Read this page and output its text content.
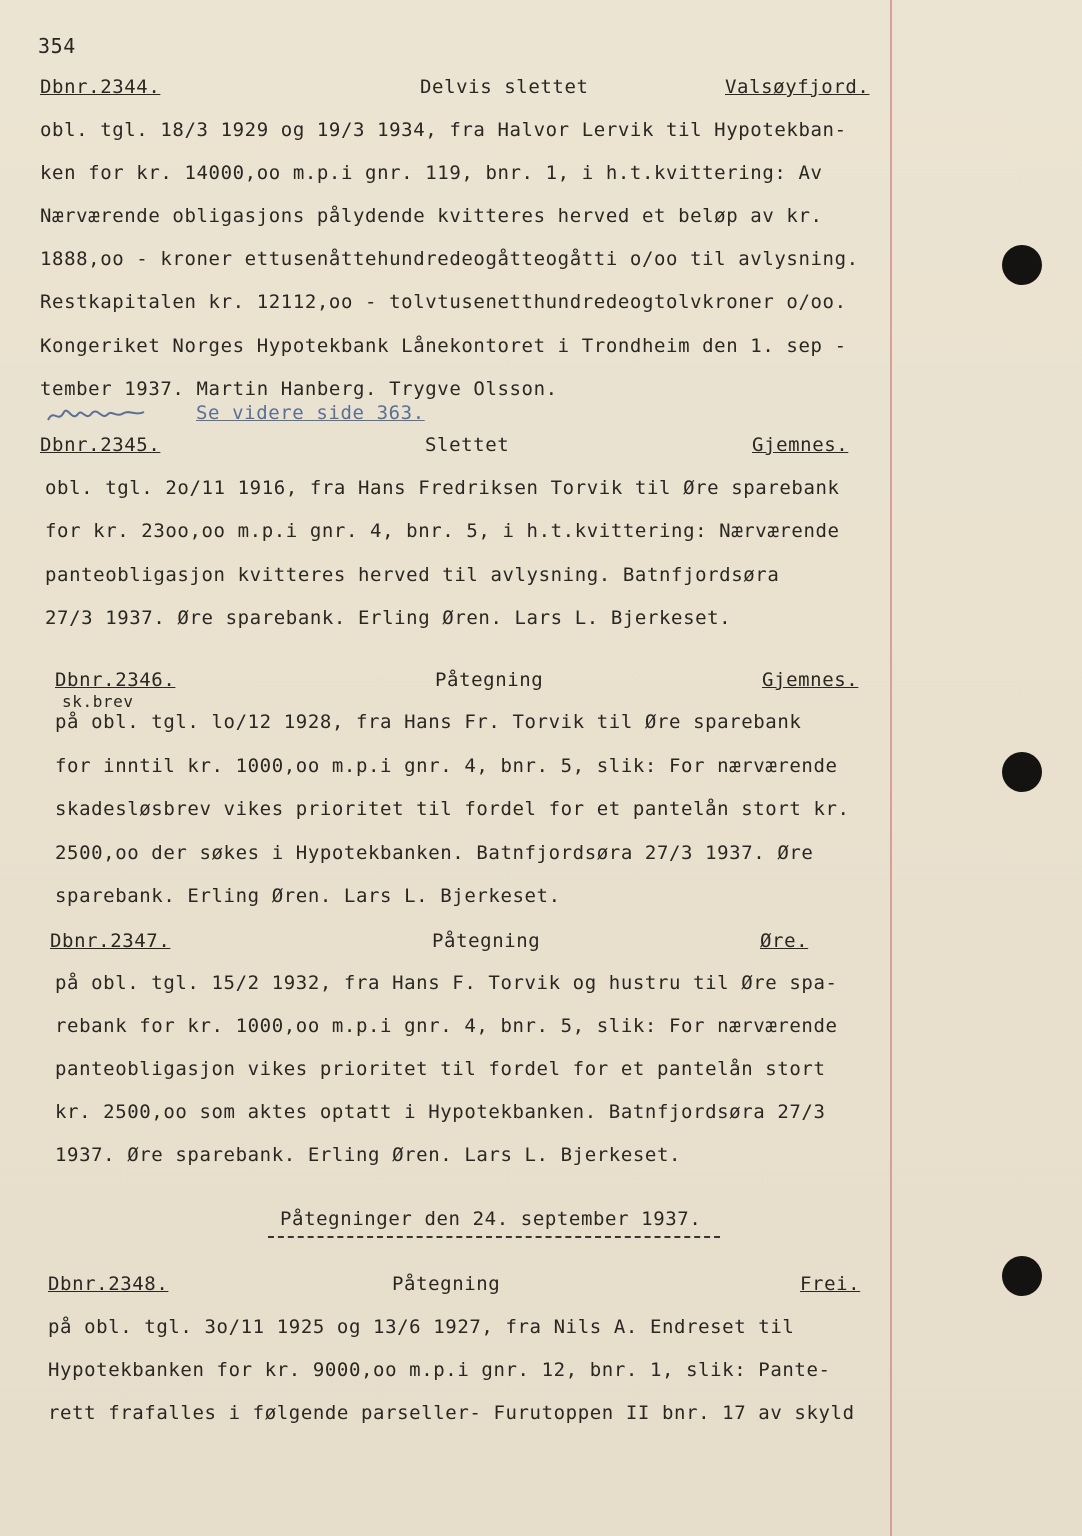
354
Dbnr.2344.	Delvis slettet	Valsøyfjord.
obl. tgl. 18/3 1929 og 19/3 1934, fra Halvor Lervik til Hypotekban-
ken for kr. 14000,oo m.p.i gnr. 119, bnr. 1, i h.t.kvittering: Av
Nærværende obligasjons pålydende kvitteres herved et beløp av kr.
1888,oo - kroner ettusenåttehundredeogåtteogåtti o/oo til avlysning.
Restkapitalen kr. 12112,oo - tolvtusenetthundredeogtolvkroner o/oo.
Kongeriket Norges Hypotekbank Lånekontoret i Trondheim den 1. sep -
tember 1937. Martin Hanberg. Trygve Olsson.
Se videre side 363.
Dbnr.2345.	Slettet	Gjemnes.
obl. tgl. 2o/11 1916, fra Hans Fredriksen Torvik til Øre sparebank
for kr. 23oo,oo m.p.i gnr. 4, bnr. 5, i h.t.kvittering: Nærværende
panteobligasjon kvitteres herved til avlysning. Batnfjordsøra
27/3 1937. Øre sparebank. Erling Øren. Lars L. Bjerkeset.
Dbnr.2346.	Påtegning	Gjemnes.
sk.brev
på obl. tgl. lo/12 1928, fra Hans Fr. Torvik til Øre sparebank
for inntil kr. 1000,oo m.p.i gnr. 4, bnr. 5, slik: For nærværende
skadesløsbrev vikes prioritet til fordel for et pantelån stort kr.
2500,oo der søkes i Hypotekbanken. Batnfjordsøra 27/3 1937. Øre
sparebank. Erling Øren. Lars L. Bjerkeset.
Dbnr.2347.	Påtegning	Øre.
på obl. tgl. 15/2 1932, fra Hans F. Torvik og hustru til Øre spa-
rebank for kr. 1000,oo m.p.i gnr. 4, bnr. 5, slik: For nærværende
panteobligasjon vikes prioritet til fordel for et pantelån stort
kr. 2500,oo som aktes optatt i Hypotekbanken. Batnfjordsøra 27/3
1937. Øre sparebank. Erling Øren. Lars L. Bjerkeset.
Påtegninger den 24. september 1937.
Dbnr.2348.	Påtegning	Frei.
på obl. tgl. 3o/11 1925 og 13/6 1927, fra Nils A. Endreset til
Hypotekbanken for kr. 9000,oo m.p.i gnr. 12, bnr. 1, slik: Pante-
rett frafalles i følgende parseller- Furutoppen II bnr. 17 av skyld
